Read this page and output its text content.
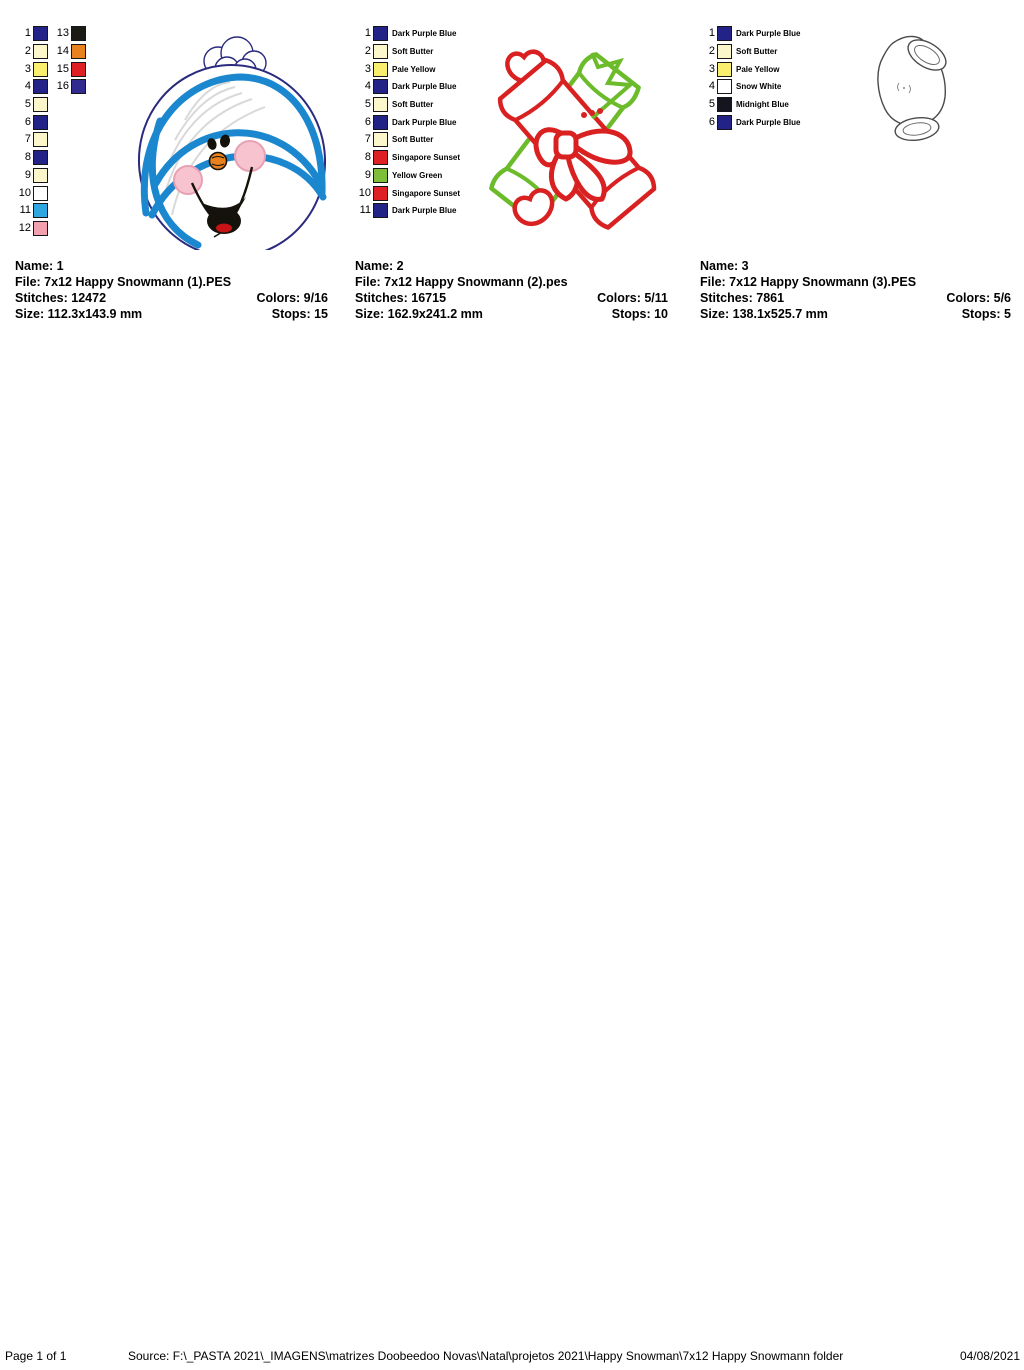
1	13
2	14
3	15
4	16
5
6
7
8
9
10
11
12
Name: 1
File: 7x12 Happy Snowmann (1).PES
Stitches: 12472	Colors: 9/16
Size: 112.3x143.9 mm	Stops: 15
1	Dark Purple Blue
2	Soft Butter
3	Pale Yellow
4	Dark Purple Blue
5	Soft Butter
6	Dark Purple Blue
7	Soft Butter
8	Singapore Sunset
9	Yellow Green
10	Singapore Sunset
11	Dark Purple Blue
Name: 2
File: 7x12 Happy Snowmann (2).pes
Stitches: 16715	Colors: 5/11
Size: 162.9x241.2 mm	Stops: 10
1	Dark Purple Blue
2	Soft Butter
3	Pale Yellow
4	Snow White
5	Midnight Blue
6	Dark Purple Blue
Name: 3
File: 7x12 Happy Snowmann (3).PES
Stitches: 7861	Colors: 5/6
Size: 138.1x525.7 mm	Stops: 5
Page 1 of 1	Source: F:\_PASTA 2021\_IMAGENS\matrizes Doobeedoo Novas\Natal\projetos 2021\Happy Snowman\7x12 Happy Snowmann folder	04/08/2021
